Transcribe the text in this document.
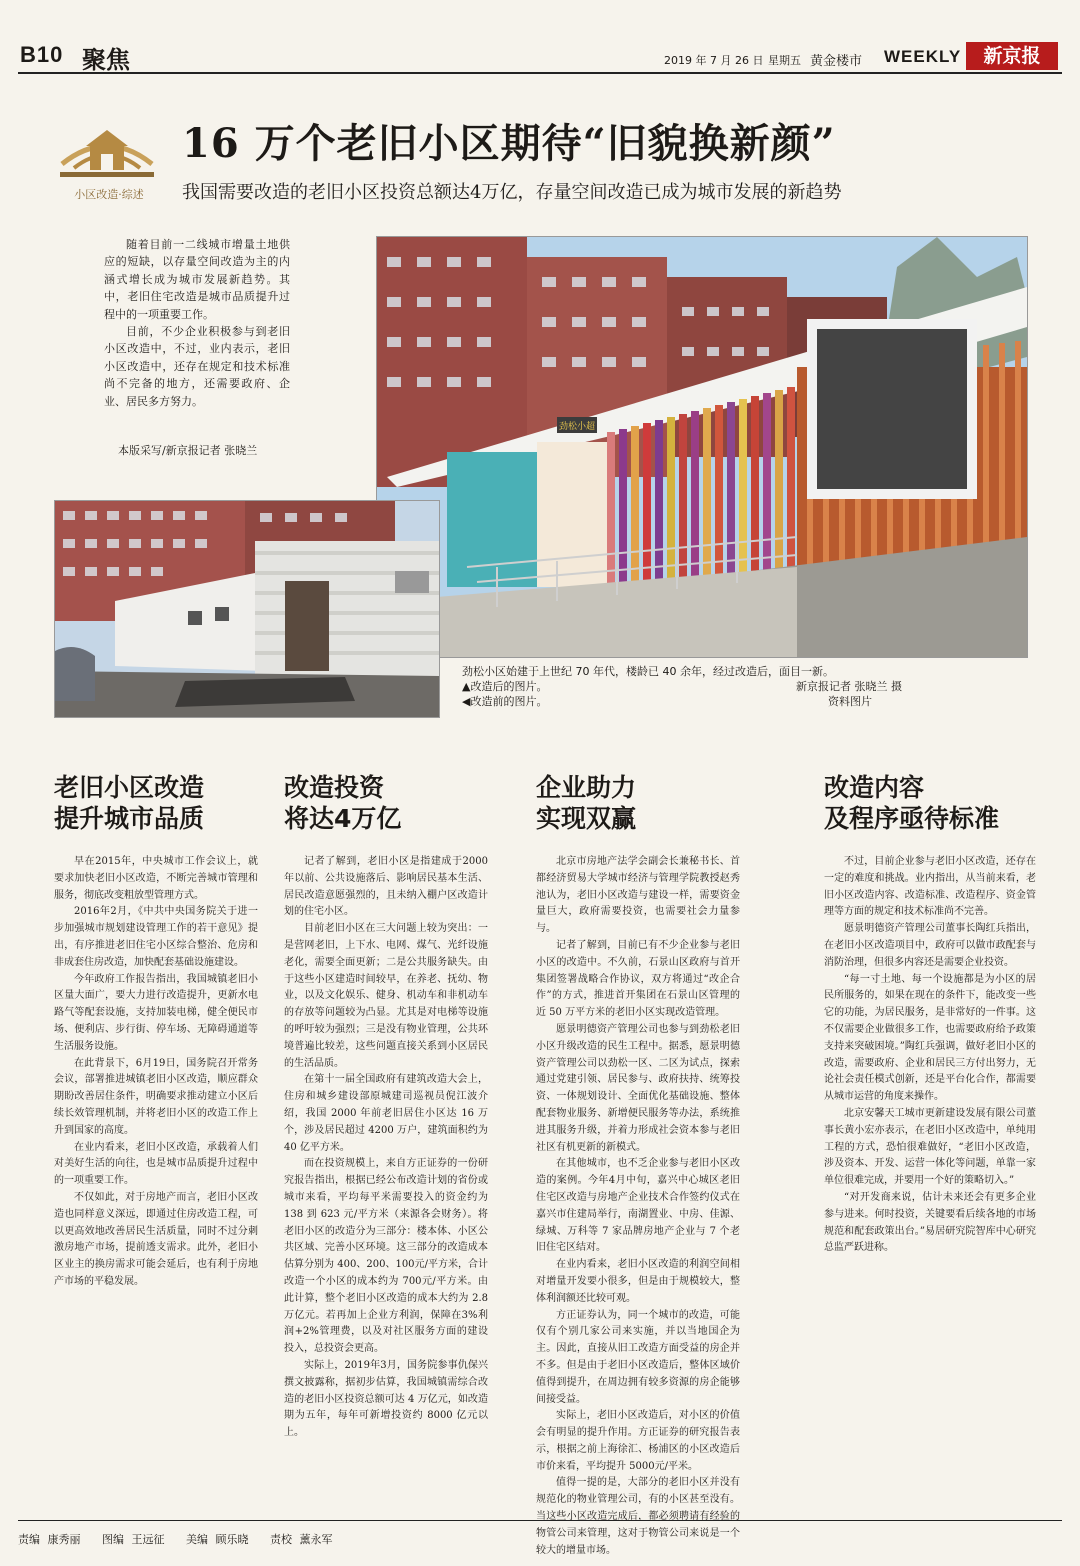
B10 聚焦	2019 年 7 月 26 日 星期五 黄金楼市 WEEKLY	新京报
小区改造·综述
16 万个老旧小区期待“旧貌换新颜”
我国需要改造的老旧小区投资总额达4万亿，存量空间改造已成为城市发展的新趋势

随着目前一二线城市增量土地供应的短缺，以存量空间改造为主的内涵式增长成为城市发展新趋势。其中，老旧住宅改造是城市品质提升过程中的一项重要工作。

目前，不少企业积极参与到老旧小区改造中，不过，业内表示，老旧小区改造中，还存在规定和技术标准尚不完备的地方，还需要政府、企业、居民多方努力。

本版采写/新京报记者 张晓兰
劲松小超
劲松小区始建于上世纪 70 年代，楼龄已 40 余年，经过改造后，面目一新。
▲改造后的图片。	新京报记者 张晓兰 摄
◀改造前的图片。	资料图片
老旧小区改造
提升城市品质

早在2015年，中央城市工作会议上，就要求加快老旧小区改造，不断完善城市管理和服务，彻底改变粗放型管理方式。

2016年2月，《中共中央国务院关于进一步加强城市规划建设管理工作的若干意见》提出，有序推进老旧住宅小区综合整治、危房和非成套住房改造，加快配套基础设施建设。

今年政府工作报告指出，我国城镇老旧小区量大面广，要大力进行改造提升，更新水电路气等配套设施，支持加装电梯，健全便民市场、便利店、步行街、停车场、无障碍通道等生活服务设施。

在此背景下，6月19日，国务院召开常务会议，部署推进城镇老旧小区改造，顺应群众期盼改善居住条件，明确要求推动建立小区后续长效管理机制，并将老旧小区的改造工作上升到国家的高度。

在业内看来，老旧小区改造，承载着人们对美好生活的向往，也是城市品质提升过程中的一项重要工作。

不仅如此，对于房地产而言，老旧小区改造也同样意义深远，即通过住房改造工程，可以更高效地改善居民生活质量，同时不过分刺激房地产市场，提前透支需求。此外，老旧小区业主的换房需求可能会延后，也有利于房地产市场的平稳发展。

改造投资
将达4万亿

记者了解到，老旧小区是指建成于2000年以前、公共设施落后、影响居民基本生活、居民改造意愿强烈的，且未纳入棚户区改造计划的住宅小区。

目前老旧小区在三大问题上较为突出：一是营网老旧，上下水、电网、煤气、光纤设施老化，需要全面更新；二是公共服务缺失。由于这些小区建造时间较早，在养老、抚幼、物业，以及文化娱乐、健身、机动车和非机动车的存放等问题较为凸显。尤其是对电梯等设施的呼吁较为强烈；三是没有物业管理，公共环境普遍比较差，这些问题直接关系到小区居民的生活品质。

在第十一届全国政府有建筑改造大会上，住房和城乡建设部原城建司巡视员倪江波介绍，我国 2000 年前老旧居住小区达 16 万个，涉及居民超过 4200 万户，建筑面积约为 40 亿平方米。

而在投资规模上，来自方正证券的一份研究报告指出，根据已经公布改造计划的省份或城市来看，平均每平米需要投入的资金约为 138 到 623 元/平方米（来源各会财务）。将老旧小区的改造分为三部分：楼本体、小区公共区域、完善小区环境。这三部分的改造成本估算分别为 400、200、100元/平方米，合计改造一个小区的成本约为 700元/平方米。由此计算，整个老旧小区改造的成本大约为 2.8 万亿元。若再加上企业方利润，保障在3%利润+2%管理费，以及对社区服务方面的建设投入，总投资会更高。

实际上，2019年3月，国务院参事仇保兴撰文披露称，据初步估算，我国城镇需综合改造的老旧小区投资总额可达 4 万亿元，如改造期为五年，每年可新增投资约 8000 亿元以上。

企业助力
实现双赢

北京市房地产法学会副会长兼秘书长、首都经济贸易大学城市经济与管理学院教授赵秀池认为，老旧小区改造与建设一样，需要资金量巨大，政府需要投资，也需要社会力量参与。

记者了解到，目前已有不少企业参与老旧小区的改造中。不久前，石景山区政府与首开集团签署战略合作协议，双方将通过“改企合作”的方式，推进首开集团在石景山区管理的近 50 万平方米的老旧小区实现改造管理。

愿景明德资产管理公司也参与到劲松老旧小区升级改造的民生工程中。据悉，愿景明德资产管理公司以劲松一区、二区为试点，探索通过党建引领、居民参与、政府扶持、统筹投资、一体规划设计、全面优化基础设施、整体配套物业服务、新增便民服务等办法，系统推进其服务升级，并着力形成社会资本参与老旧社区有机更新的新模式。

在其他城市，也不乏企业参与老旧小区改造的案例。今年4月中旬，嘉兴中心城区老旧住宅区改造与房地产企业技术合作签约仪式在嘉兴市住建局举行，南湖置业、中房、佳源、绿城、万科等 7 家品牌房地产企业与 7 个老旧住宅区结对。

在业内看来，老旧小区改造的利润空间相对增量开发要小很多，但是由于规模较大，整体利润额还比较可观。

方正证券认为，同一个城市的改造，可能仅有个别几家公司来实施，并以当地国企为主。因此，直接从旧工改造方面受益的房企并不多。但是由于老旧小区改造后，整体区域价值得到提升，在周边拥有较多资源的房企能够间接受益。

实际上，老旧小区改造后，对小区的价值会有明显的提升作用。方正证券的研究报告表示，根据之前上海徐汇、杨浦区的小区改造后市价来看，平均提升 5000元/平米。

值得一提的是，大部分的老旧小区并没有规范化的物业管理公司，有的小区甚至没有。当这些小区改造完成后，都必须聘请有经验的物管公司来管理，这对于物管公司来说是一个较大的增量市场。

改造内容
及程序亟待标准

不过，目前企业参与老旧小区改造，还存在一定的难度和挑战。业内指出，从当前来看，老旧小区改造内容、改造标准、改造程序、资金管理等方面的规定和技术标准尚不完善。

愿景明德资产管理公司董事长陶红兵指出，在老旧小区改造项目中，政府可以做市政配套与消防治理，但很多内容还是需要企业投资。

“每一寸土地、每一个设施都是为小区的居民所服务的，如果在现在的条件下，能改变一些它的功能，为居民服务，是非常好的一件事。这不仅需要企业做很多工作，也需要政府给予政策支持来突破困境。”陶红兵强调，做好老旧小区的改造，需要政府、企业和居民三方付出努力，无论社会责任模式创新，还是平台化合作，都需要从城市运营的角度来操作。

北京安馨天工城市更新建设发展有限公司董事长黄小宏亦表示，在老旧小区改造中，单纯用工程的方式，恐怕很难做好，“老旧小区改造，涉及资本、开发、运营一体化等问题，单靠一家单位很难完成，并要用一个好的策略切入。”

“对开发商来说，估计未来还会有更多企业参与进来。何时投资，关键要看后续各地的市场规范和配套政策出台。”易居研究院智库中心研究总监严跃进称。

责编 康秀丽 图编 王远征 美编 顾乐晓 责校 薰永军
